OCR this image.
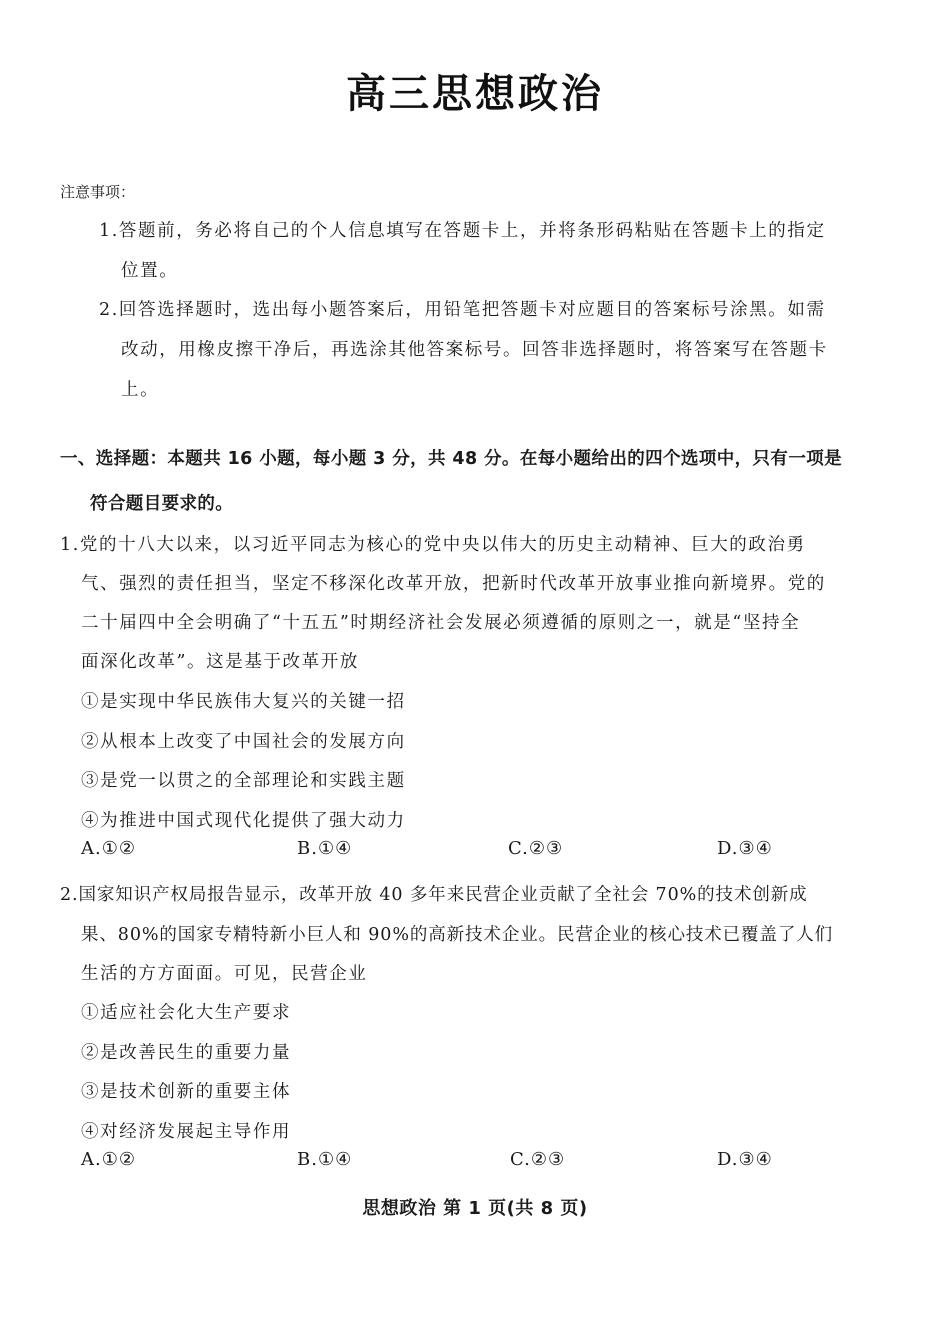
高三思想政治
注意事项：
1.答题前，务必将自己的个人信息填写在答题卡上，并将条形码粘贴在答题卡上的指定
位置。
2.回答选择题时，选出每小题答案后，用铅笔把答题卡对应题目的答案标号涂黑。如需
改动，用橡皮擦干净后，再选涂其他答案标号。回答非选择题时，将答案写在答题卡
上。
一、选择题：本题共 16 小题，每小题 3 分，共 48 分。在每小题给出的四个选项中，只有一项是
符合题目要求的。
1.党的十八大以来，以习近平同志为核心的党中央以伟大的历史主动精神、巨大的政治勇
气、强烈的责任担当，坚定不移深化改革开放，把新时代改革开放事业推向新境界。党的
二十届四中全会明确了“十五五”时期经济社会发展必须遵循的原则之一，就是“坚持全
面深化改革”。这是基于改革开放
①是实现中华民族伟大复兴的关键一招
②从根本上改变了中国社会的发展方向
③是党一以贯之的全部理论和实践主题
④为推进中国式现代化提供了强大动力
A.①②	B.①④	C.②③	D.③④
2.国家知识产权局报告显示，改革开放 40 多年来民营企业贡献了全社会 70%的技术创新成
果、80%的国家专精特新小巨人和 90%的高新技术企业。民营企业的核心技术已覆盖了人们
生活的方方面面。可见，民营企业
①适应社会化大生产要求
②是改善民生的重要力量
③是技术创新的重要主体
④对经济发展起主导作用
A.①②	B.①④	C.②③	D.③④
思想政治 第 1 页(共 8 页)
